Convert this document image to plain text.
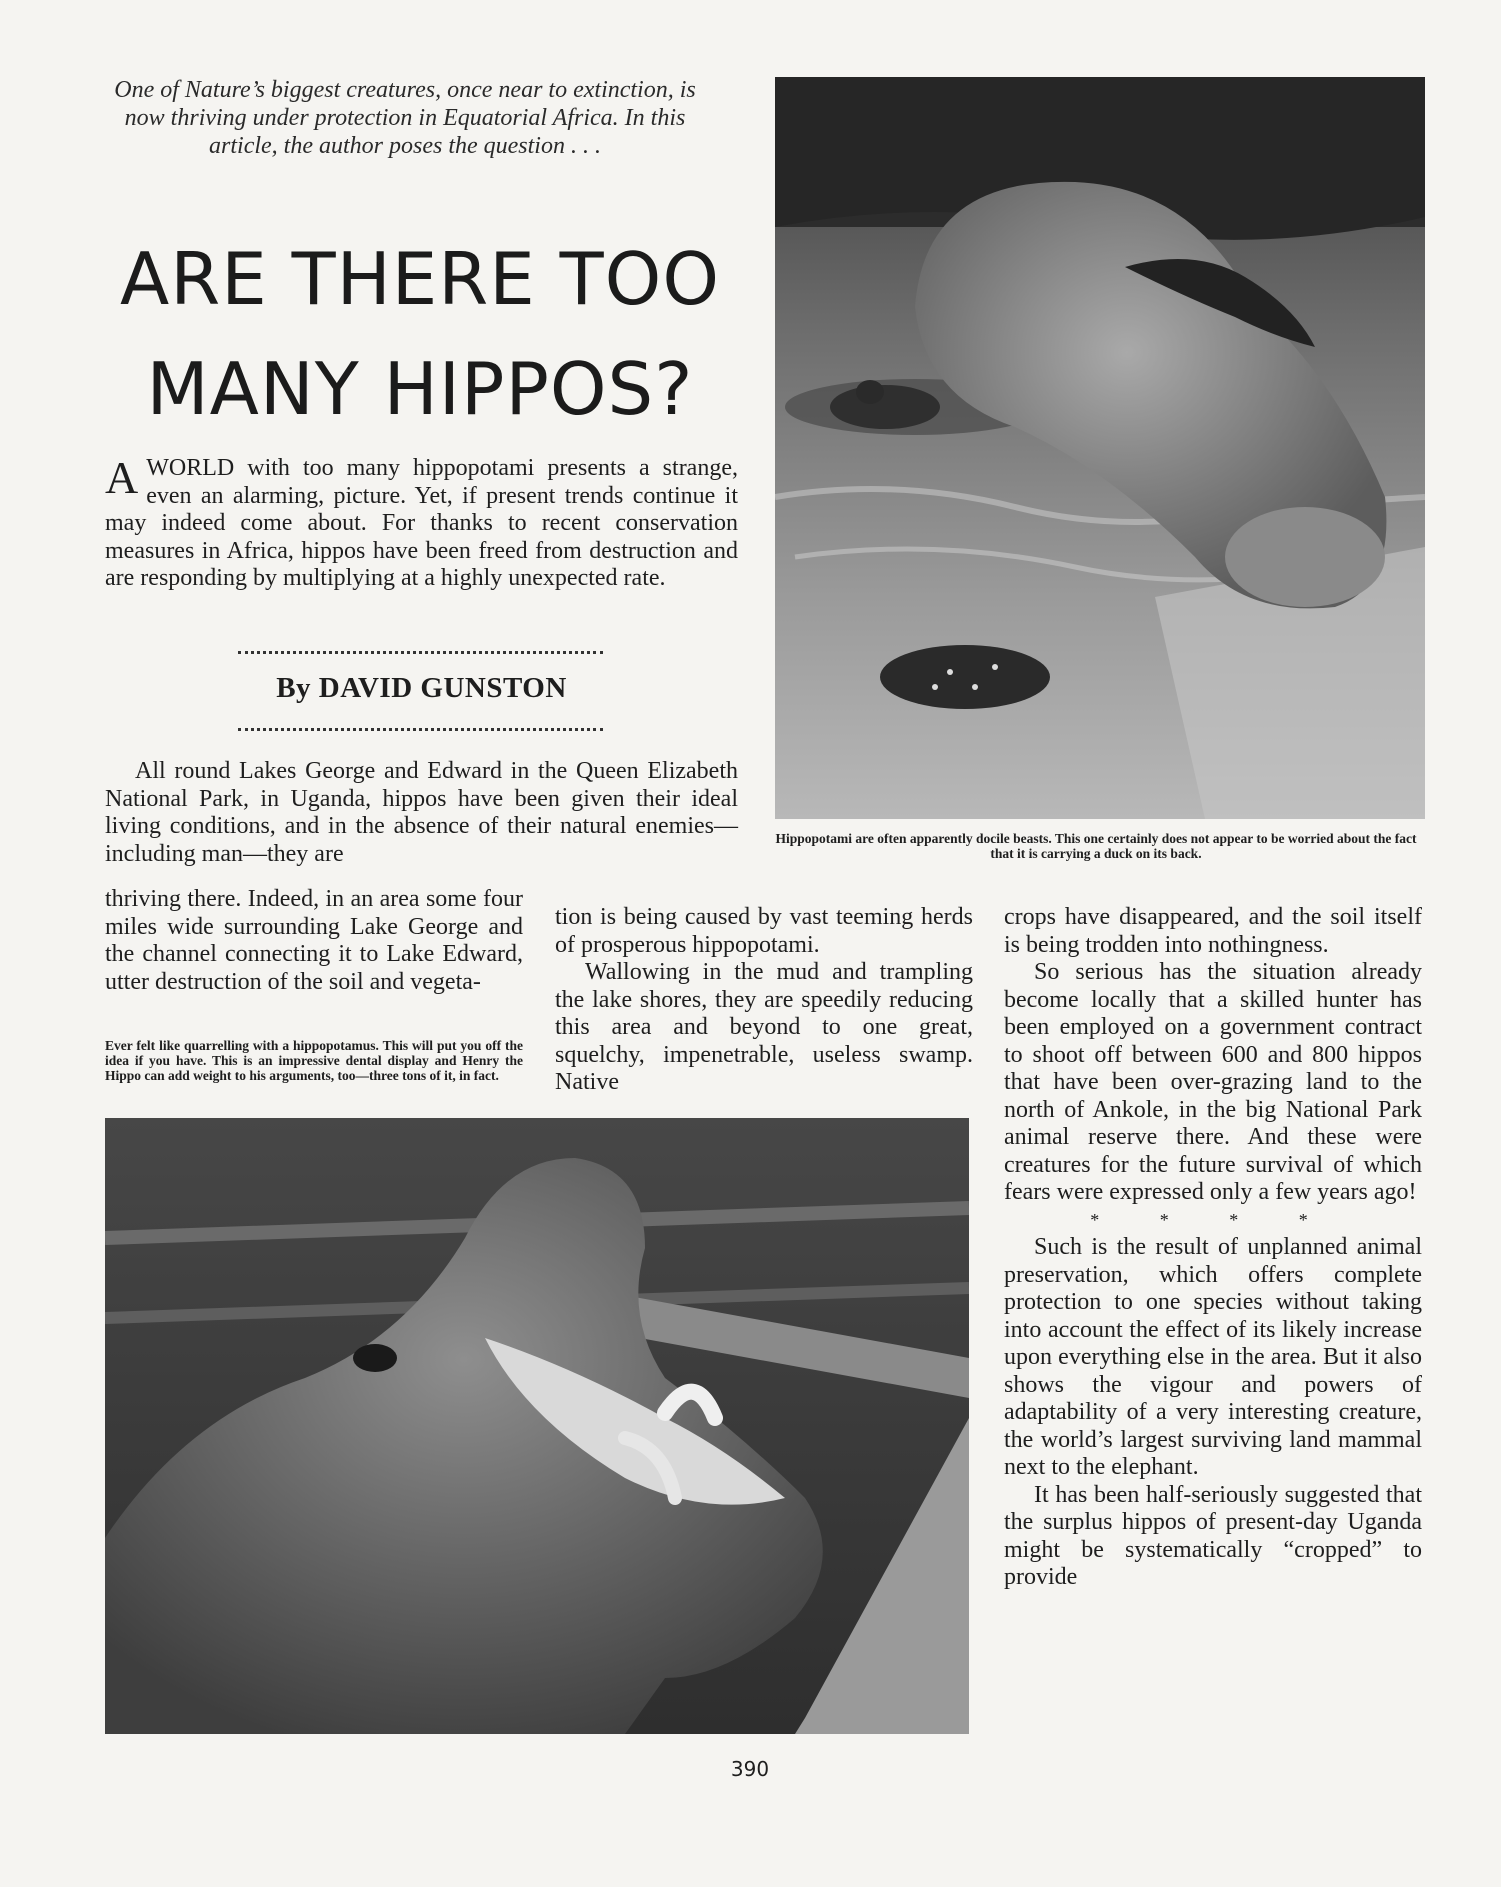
One of Nature’s biggest creatures, once near to extinction, is now thriving under protection in Equatorial Africa. In this article, the author poses the question . . .
ARE THERE TOO
MANY HIPPOS?
AWORLD with too many hippopotami presents a strange, even an alarming, picture. Yet, if present trends continue it may indeed come about. For thanks to recent conservation measures in Africa, hippos have been freed from destruction and are responding by multiplying at a highly unexpected rate.
By DAVID GUNSTON
All round Lakes George and Edward in the Queen Elizabeth National Park, in Uganda, hippos have been given their ideal living conditions, and in the absence of their natural enemies—including man—they are
thriving there. Indeed, in an area some four miles wide surrounding Lake George and the channel connecting it to Lake Edward, utter destruction of the soil and vegeta-
Ever felt like quarrelling with a hippopotamus. This will put you off the idea if you have. This is an impressive dental display and Henry the Hippo can add weight to his arguments, too—three tons of it, in fact.
tion is being caused by vast teeming herds of prosperous hippopotami.
Wallowing in the mud and trampling the lake shores, they are speedily reducing this area and beyond to one great, squelchy, impenetrable, useless swamp. Native
crops have disappeared, and the soil itself is being trodden into nothingness.
So serious has the situation already become locally that a skilled hunter has been employed on a government contract to shoot off between 600 and 800 hippos that have been over-grazing land to the north of Ankole, in the big National Park animal reserve there. And these were creatures for the future survival of which fears were expressed only a few years ago!
* * * *
Such is the result of unplanned animal preservation, which offers complete protection to one species without taking into account the effect of its likely increase upon everything else in the area. But it also shows the vigour and powers of adaptability of a very interesting creature, the world’s largest surviving land mammal next to the elephant.
It has been half-seriously suggested that the surplus hippos of present-day Uganda might be systematically “cropped” to provide
Hippopotami are often apparently docile beasts. This one certainly does not appear to be worried about the fact that it is carrying a duck on its back.
390
